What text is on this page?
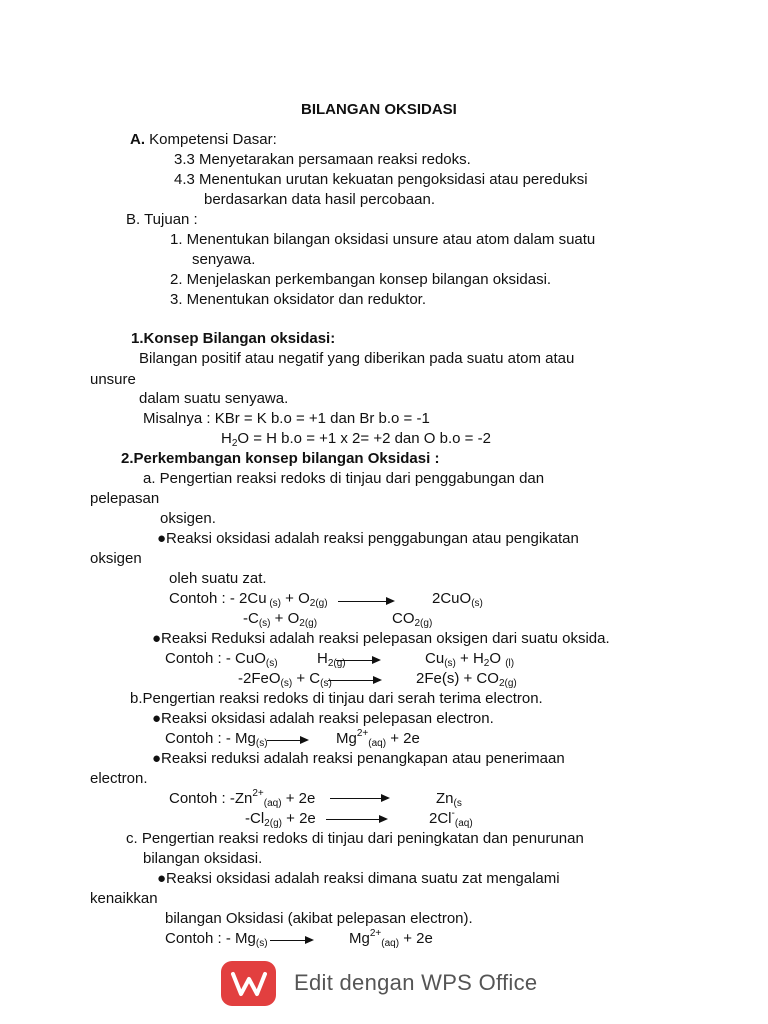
BILANGAN OKSIDASI
A. Kompetensi Dasar:
3.3 Menyetarakan persamaan reaksi redoks.
4.3 Menentukan urutan kekuatan pengoksidasi atau pereduksi
berdasarkan data hasil percobaan.
B. Tujuan :
1. Menentukan bilangan oksidasi unsure atau atom dalam suatu
senyawa.
2. Menjelaskan perkembangan konsep bilangan oksidasi.
3. Menentukan oksidator dan reduktor.
1.Konsep Bilangan oksidasi:
Bilangan positif atau negatif yang diberikan pada suatu atom atau
unsure
dalam suatu senyawa.
Misalnya : KBr = K b.o = +1 dan Br b.o = -1
$H_2O = H$ b.o = +1 x 2= +2 dan O b.o = -2
2.Perkembangan konsep bilangan Oksidasi :
a. Pengertian reaksi redoks di tinjau dari penggabungan dan
pelepasan
oksigen.
●Reaksi oksidasi adalah reaksi penggabungan atau pengikatan
oksigen
oleh suatu zat.
Contoh : - 2Cu $_{(s)} + O_{2(g)}$ →	2CuO$_{(s)}$
$-C_{(s)} + O_{2(g)}$	$CO_{2(g)}$
●Reaksi Reduksi adalah reaksi pelepasan oksigen dari suatu oksida.
Contoh : - CuO$_{(s)}$	$H_{2(g)}$	$Cu_{(s)} + H_2O$ $_{(l)}$
$-2FeO_{(s)} + C_{(s)}$	$2Fe(s) + CO_{2(g)}$
b.Pengertian reaksi redoks di tinjau dari serah terima electron.
●Reaksi oksidasi adalah reaksi pelepasan electron.
Contoh : - $Mg_{(s)} \to Mg^{2+}_{(aq)} + 2e$
●Reaksi reduksi adalah reaksi penangkapan atau penerimaan
electron.
Contoh : $-Zn^{2+}_{(aq)} + 2e$ →	$Zn_{(s}$
$-Cl_{2(g)} + 2e$ →	$2Cl^-_{(aq)}$
c. Pengertian reaksi redoks di tinjau dari peningkatan dan penurunan
bilangan oksidasi.
●Reaksi oksidasi adalah reaksi dimana suatu zat mengalami
kenaikkan
bilangan Oksidasi (akibat pelepasan electron).
Contoh : - $Mg_{(s)} \to Mg^{2+}_{(aq)} + 2e$
Edit dengan WPS Office
